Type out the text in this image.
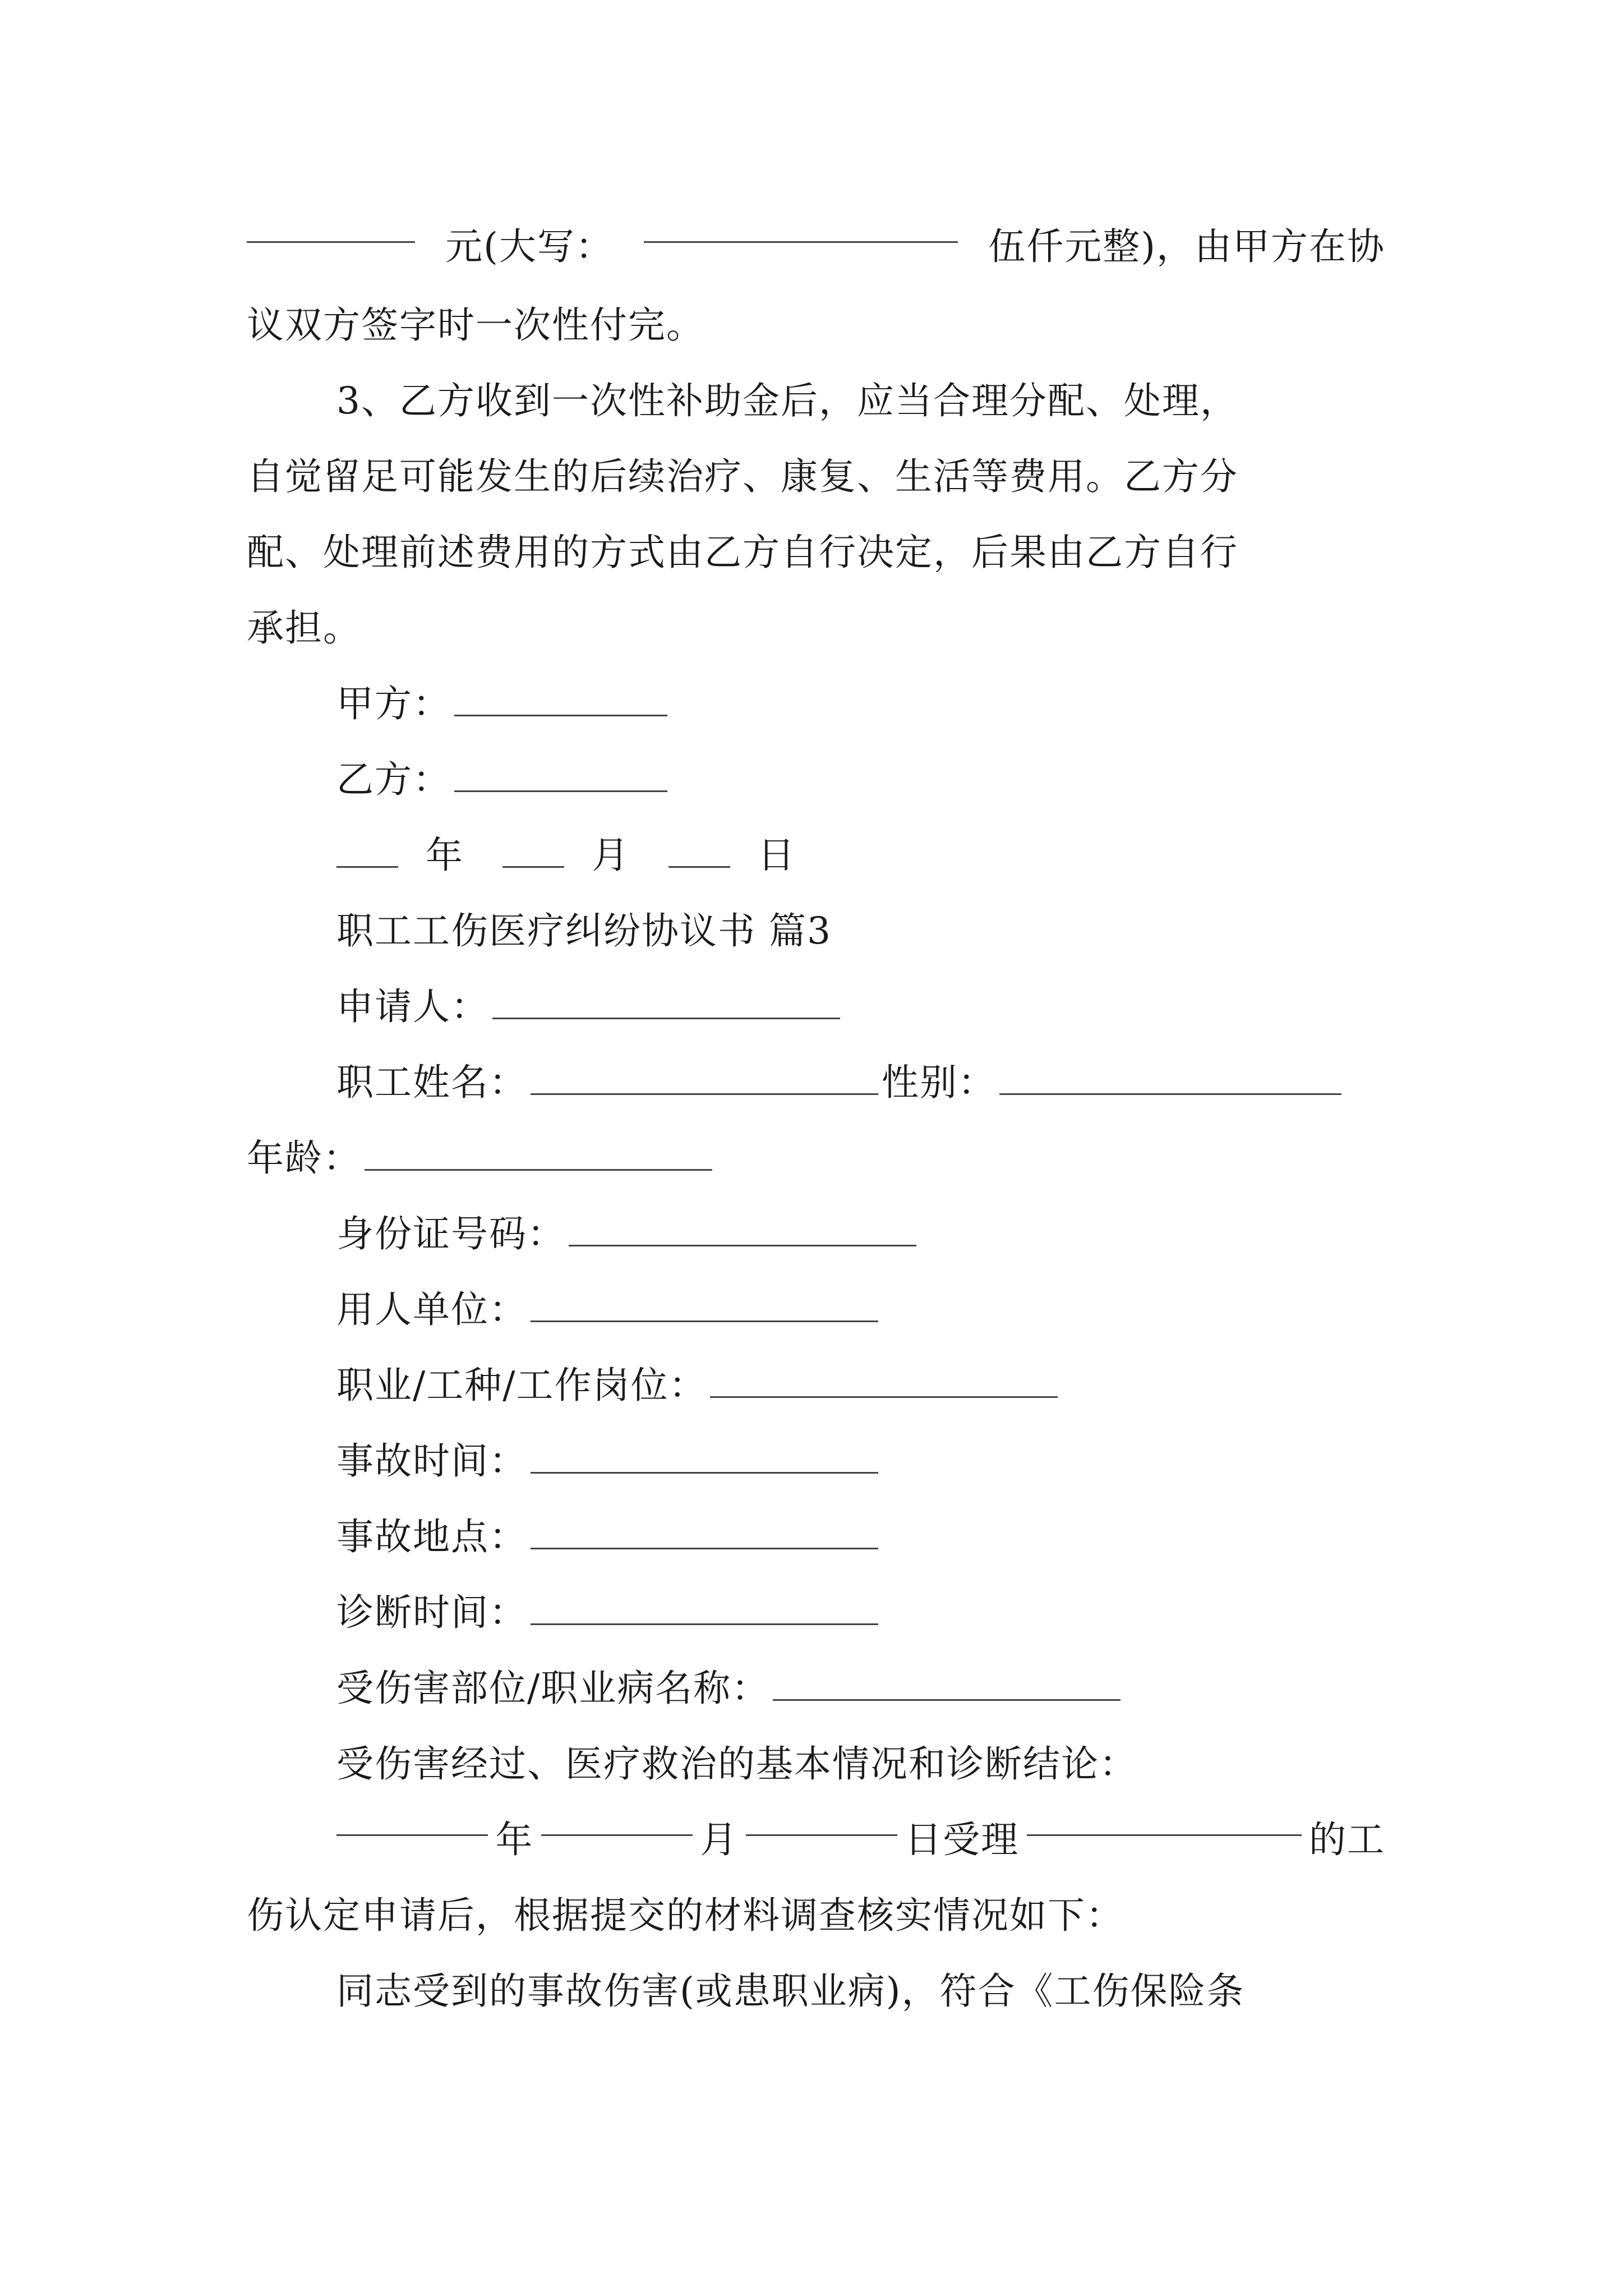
元(大写：	伍仟元整)，由甲方在协
议双方签字时一次性付完。
3、乙方收到一次性补助金后，应当合理分配、处理，
自觉留足可能发生的后续治疗、康复、生活等费用。乙方分
配、处理前述费用的方式由乙方自行决定，后果由乙方自行
承担。
甲方：
乙方：
年	月	日
职工工伤医疗纠纷协议书 篇3
申请人：
职工姓名：	性别：
年龄：
身份证号码：
用人单位：
职业/工种/工作岗位：
事故时间：
事故地点：
诊断时间：
受伤害部位/职业病名称：
受伤害经过、医疗救治的基本情况和诊断结论：
年	月	日受理	的工
伤认定申请后，根据提交的材料调查核实情况如下：
同志受到的事故伤害(或患职业病)，符合《工伤保险条
